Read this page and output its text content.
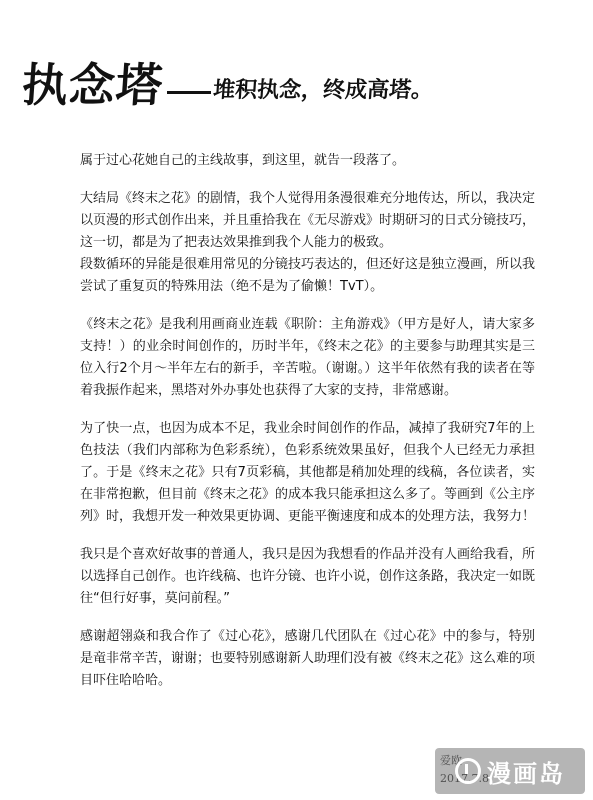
执念塔 堆积执念，终成高塔。

属于过心花她自己的主线故事，到这里，就告一段落了。

大结局《终末之花》的剧情，我个人觉得用条漫很难充分地传达，所以，我决定以页漫的形式创作出来，并且重拾我在《无尽游戏》时期研习的日式分镜技巧，这一切，都是为了把表达效果推到我个人能力的极致。

段数循环的异能是很难用常见的分镜技巧表达的，但还好这是独立漫画，所以我尝试了重复页的特殊用法（绝不是为了偷懒！TvT）。

《终末之花》是我利用画商业连载《职阶：主角游戏》（甲方是好人，请大家多支持！）的业余时间创作的，历时半年，《终末之花》的主要参与助理其实是三位入行2个月～半年左右的新手，辛苦啦。（谢谢。）这半年依然有我的读者在等着我振作起来，黑塔对外办事处也获得了大家的支持，非常感谢。

为了快一点，也因为成本不足，我业余时间创作的作品，减掉了我研究7年的上色技法（我们内部称为色彩系统），色彩系统效果虽好，但我个人已经无力承担了。于是《终末之花》只有7页彩稿，其他都是稍加处理的线稿，各位读者，实在非常抱歉，但目前《终末之花》的成本我只能承担这么多了。等画到《公主序列》时，我想开发一种效果更协调、更能平衡速度和成本的处理方法，我努力！

我只是个喜欢好故事的普通人，我只是因为我想看的作品并没有人画给我看，所以选择自己创作。也许线稿、也许分镜、也许小说，创作这条路，我决定一如既往“但行好事，莫问前程。”

感谢超翎焱和我合作了《过心花》，感谢几代团队在《过心花》中的参与，特别是竜非常辛苦，谢谢；也要特别感谢新人助理们没有被《终末之花》这么难的项目吓住哈哈哈。

漫画岛
